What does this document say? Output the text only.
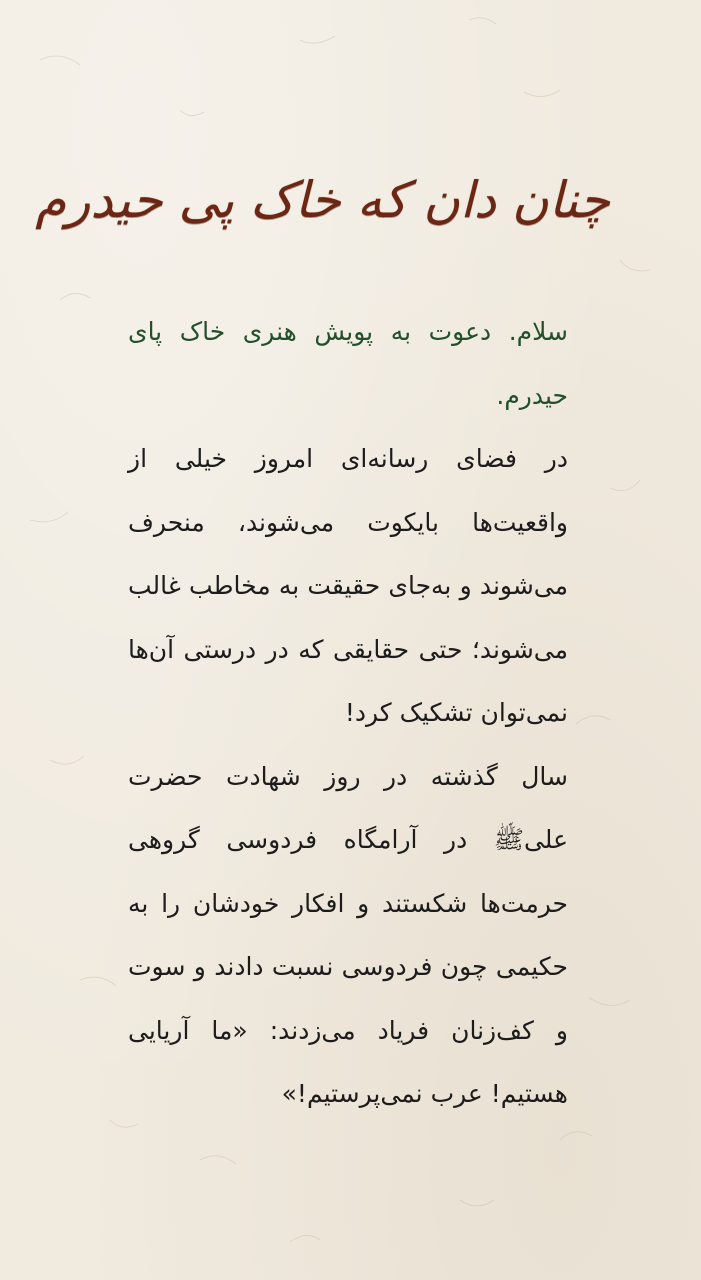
چنان دان که خاک پی حیدرم

سلام. دعوت به پویش هنری خاک پای حیدرم.

در فضای رسانه‌ای امروز خیلی از واقعیت‌ها بایکوت می‌شوند، منحرف می‌شوند و به‌جای حقیقت به مخاطب غالب می‌شوند؛ حتی حقایقی که در درستی آن‌ها نمی‌توان تشکیک کرد!

سال گذشته در روز شهادت حضرت علی‌ﷺ در آرامگاه فردوسی گروهی حرمت‌ها شکستند و افکار خودشان را به حکیمی چون فردوسی نسبت دادند و سوت و کف‌زنان فریاد می‌زدند: «ما آریایی هستیم! عرب نمی‌پرستیم!»
